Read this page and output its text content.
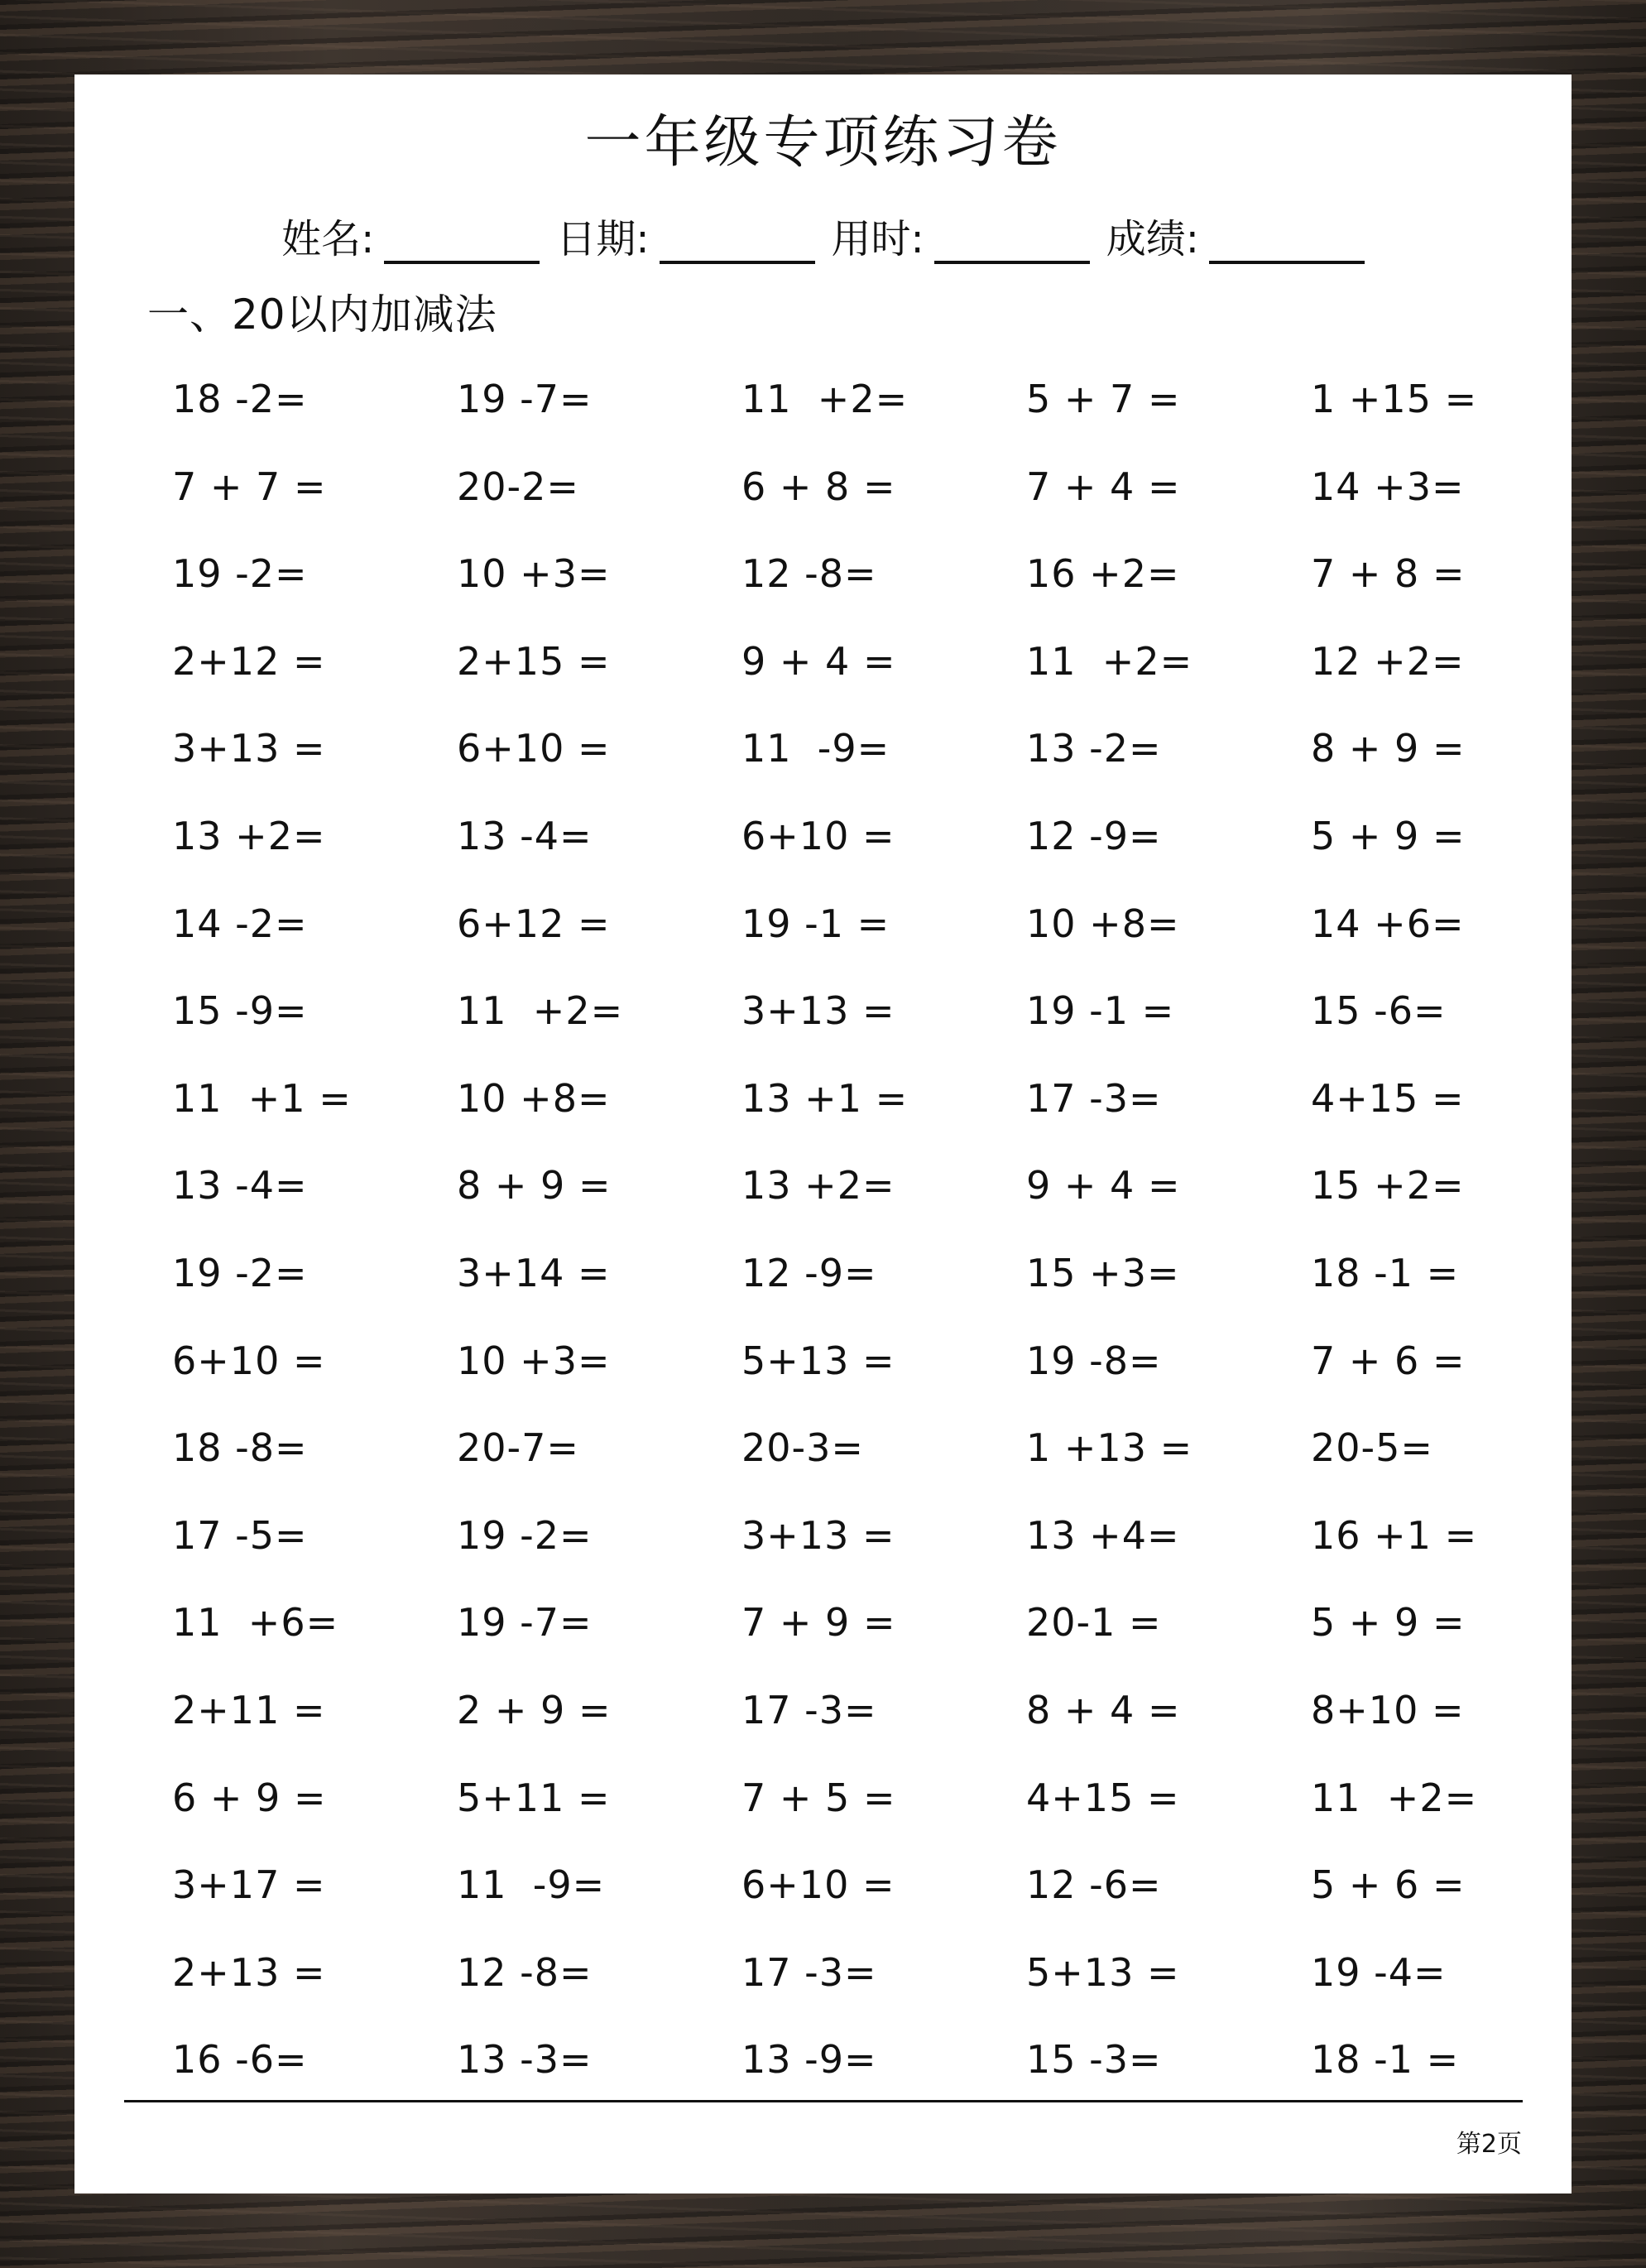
一年级专项练习卷
姓名:	日期:	用时:	成绩:
一、20以内加减法
18 -2=	19 -7=	11  +2=	5 + 7 =	1 +15 =
7 + 7 =	20-2=	6 + 8 =	7 + 4 =	14 +3=
19 -2=	10 +3=	12 -8=	16 +2=	7 + 8 =
2+12 =	2+15 =	9 + 4 =	11  +2=	12 +2=
3+13 =	6+10 =	11  -9=	13 -2=	8 + 9 =
13 +2=	13 -4=	6+10 =	12 -9=	5 + 9 =
14 -2=	6+12 =	19 -1 =	10 +8=	14 +6=
15 -9=	11  +2=	3+13 =	19 -1 =	15 -6=
11  +1 =	10 +8=	13 +1 =	17 -3=	4+15 =
13 -4=	8 + 9 =	13 +2=	9 + 4 =	15 +2=
19 -2=	3+14 =	12 -9=	15 +3=	18 -1 =
6+10 =	10 +3=	5+13 =	19 -8=	7 + 6 =
18 -8=	20-7=	20-3=	1 +13 =	20-5=
17 -5=	19 -2=	3+13 =	13 +4=	16 +1 =
11  +6=	19 -7=	7 + 9 =	20-1 =	5 + 9 =
2+11 =	2 + 9 =	17 -3=	8 + 4 =	8+10 =
6 + 9 =	5+11 =	7 + 5 =	4+15 =	11  +2=
3+17 =	11  -9=	6+10 =	12 -6=	5 + 6 =
2+13 =	12 -8=	17 -3=	5+13 =	19 -4=
16 -6=	13 -3=	13 -9=	15 -3=	18 -1 =
第2页
